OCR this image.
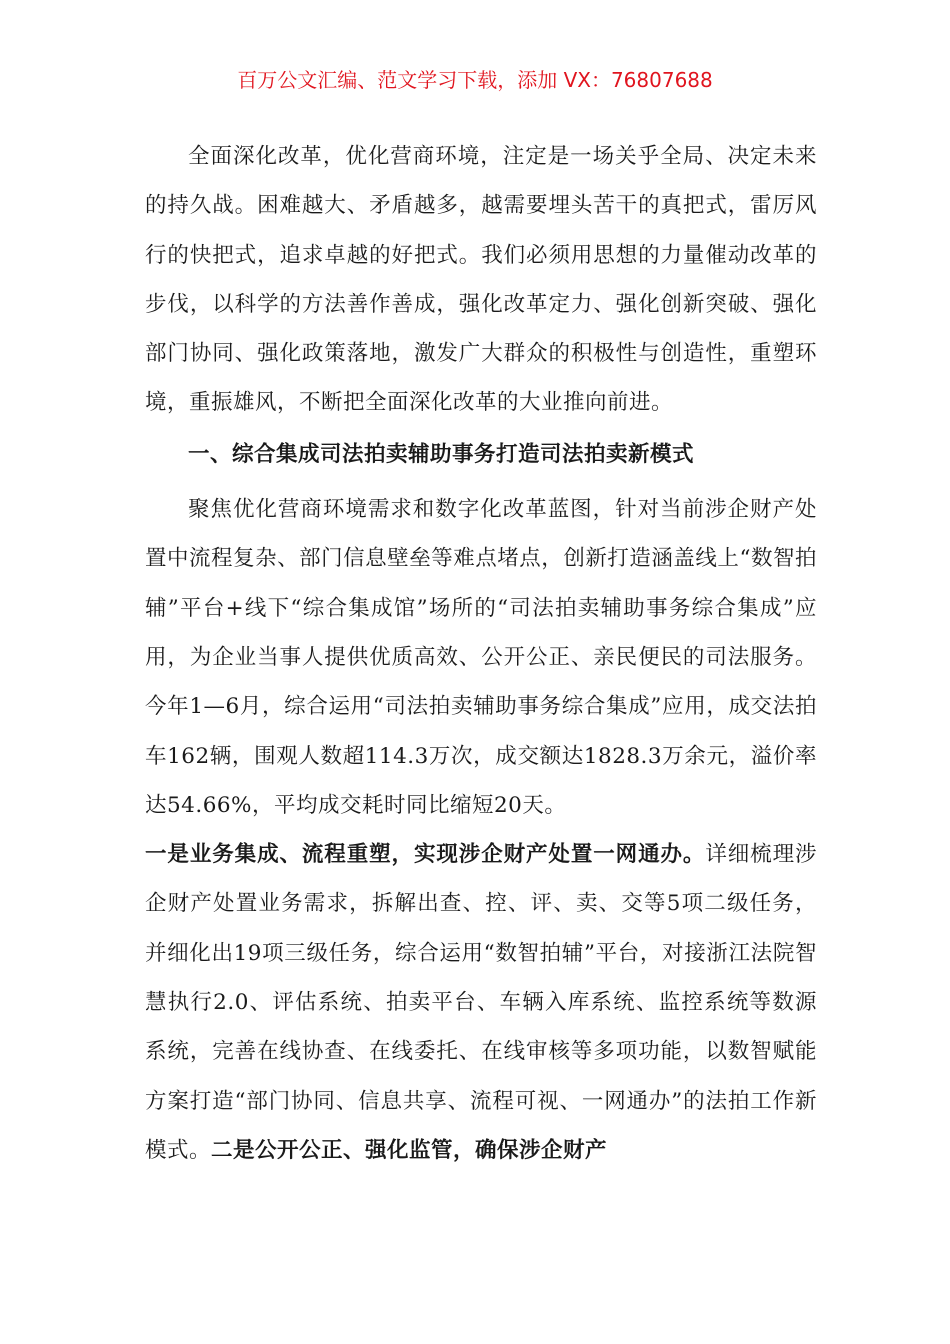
百万公文汇编、范文学习下载，添加 VX：76807688

全面深化改革，优化营商环境，注定是一场关乎全局、决定未来的持久战。困难越大、矛盾越多，越需要埋头苦干的真把式，雷厉风行的快把式，追求卓越的好把式。我们必须用思想的力量催动改革的步伐，以科学的方法善作善成，强化改革定力、强化创新突破、强化部门协同、强化政策落地，激发广大群众的积极性与创造性，重塑环境，重振雄风，不断把全面深化改革的大业推向前进。

一、综合集成司法拍卖辅助事务打造司法拍卖新模式

聚焦优化营商环境需求和数字化改革蓝图，针对当前涉企财产处置中流程复杂、部门信息壁垒等难点堵点，创新打造涵盖线上“数智拍辅”平台+线下“综合集成馆”场所的“司法拍卖辅助事务综合集成”应用，为企业当事人提供优质高效、公开公正、亲民便民的司法服务。今年1—6月，综合运用“司法拍卖辅助事务综合集成”应用，成交法拍车162辆，围观人数超114.3万次，成交额达1828.3万余元，溢价率达54.66%，平均成交耗时同比缩短20天。

一是业务集成、流程重塑，实现涉企财产处置一网通办。详细梳理涉企财产处置业务需求，拆解出查、控、评、卖、交等5项二级任务，并细化出19项三级任务，综合运用“数智拍辅”平台，对接浙江法院智慧执行2.0、评估系统、拍卖平台、车辆入库系统、监控系统等数源系统，完善在线协查、在线委托、在线审核等多项功能，以数智赋能方案打造“部门协同、信息共享、流程可视、一网通办”的法拍工作新模式。二是公开公正、强化监管，确保涉企财产
